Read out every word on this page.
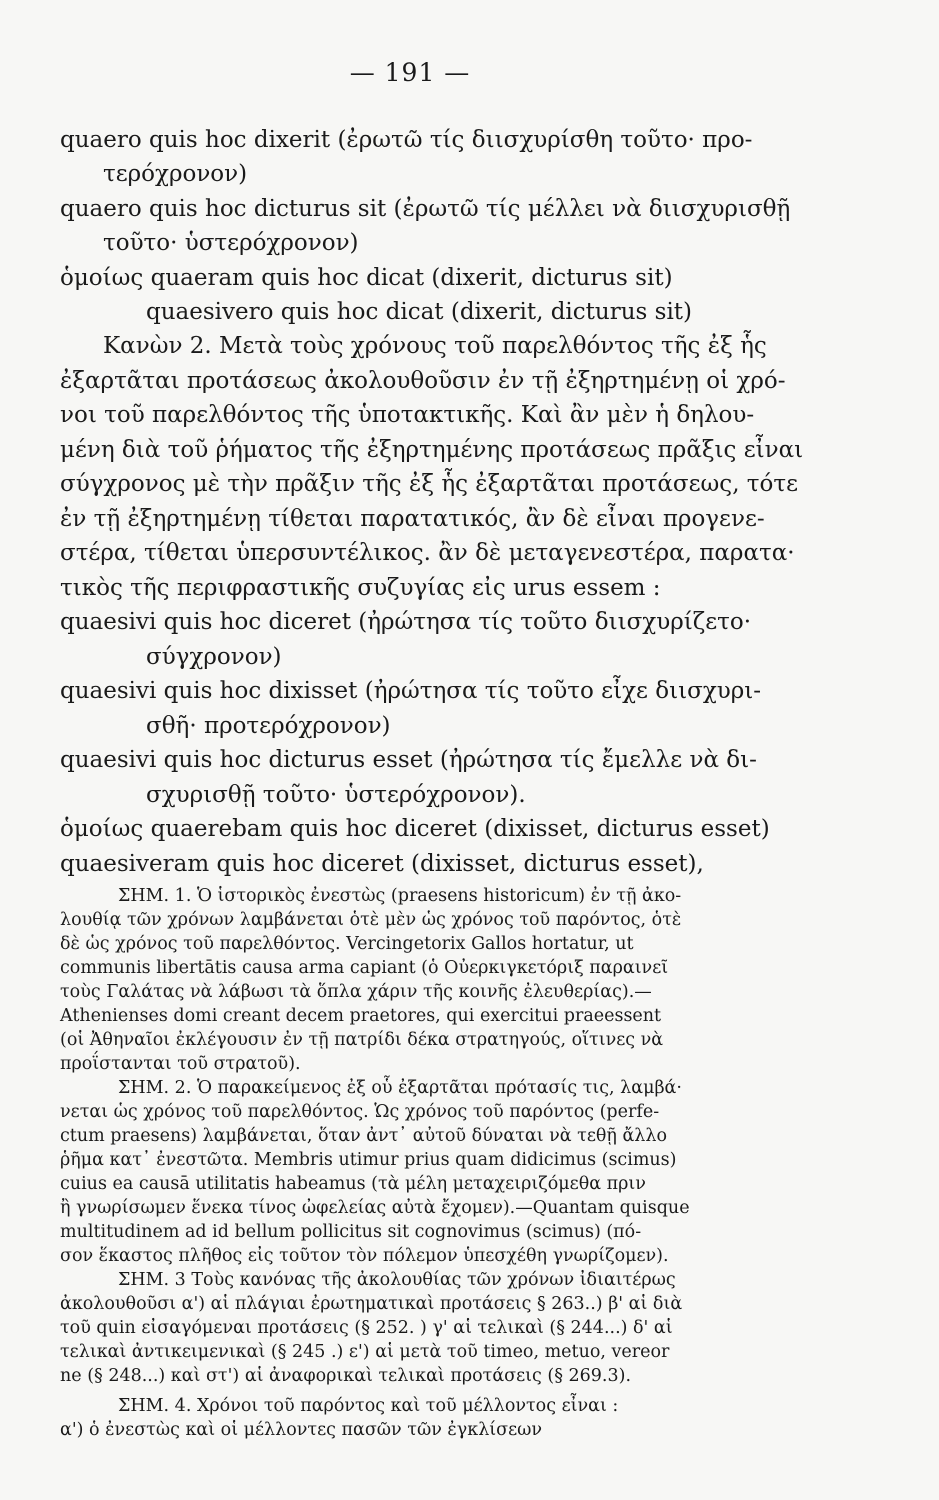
— 191 —
quaero quis hoc dixerit (ἐρωτῶ τίς διισχυρίσθη τοῦτο· προ-
τερόχρονον)
quaero quis hoc dicturus sit (ἐρωτῶ τίς μέλλει νὰ διισχυρισθῇ
τοῦτο· ὑστερόχρονον)
ὁμοίως quaeram quis hoc dicat (dixerit, dicturus sit)
quaesivero quis hoc dicat (dixerit, dicturus sit)
Κανὼν 2. Μετὰ τοὺς χρόνους τοῦ παρελθόντος τῆς ἐξ ἧς
ἐξαρτᾶται προτάσεως ἀκολουθοῦσιν ἐν τῇ ἐξηρτημένῃ οἱ χρό-
νοι τοῦ παρελθόντος τῆς ὑποτακτικῆς. Καὶ ἂν μὲν ἡ δηλου-
μένη διὰ τοῦ ῥήματος τῆς ἐξηρτημένης προτάσεως πρᾶξις εἶναι
σύγχρονος μὲ τὴν πρᾶξιν τῆς ἐξ ἧς ἐξαρτᾶται προτάσεως, τότε
ἐν τῇ ἐξηρτημένῃ τίθεται παρατατικός, ἂν δὲ εἶναι προγενε-
στέρα, τίθεται ὑπερσυντέλικος. ἂν δὲ μεταγενεστέρα, παρατα·
τικὸς τῆς περιφραστικῆς συζυγίας εἰς urus essem :
quaesivi quis hoc diceret (ἠρώτησα τίς τοῦτο διισχυρίζετο·
σύγχρονον)
quaesivi quis hoc dixisset (ἠρώτησα τίς τοῦτο εἶχε διισχυρι-
σθῆ· προτερόχρονον)
quaesivi quis hoc dicturus esset (ἠρώτησα τίς ἔμελλε νὰ δι-
σχυρισθῇ τοῦτο· ὑστερόχρονον).
ὁμοίως quaerebam quis hoc diceret (dixisset, dicturus esset)
quaesiveram quis hoc diceret (dixisset, dicturus esset),
ΣΗΜ. 1. Ὁ ἱστορικὸς ἐνεστὼς (praesens historicum) ἐν τῇ ἀκο-
λουθίᾳ τῶν χρόνων λαμβάνεται ὁτὲ μὲν ὡς χρόνος τοῦ παρόντος, ὁτὲ
δὲ ὡς χρόνος τοῦ παρελθόντος. Vercingetorix Gallos hortatur, ut
communis libertātis causa arma capiant (ὁ Οὐερκιγκετόριξ παραινεῖ
τοὺς Γαλάτας νὰ λάβωσι τὰ ὅπλα χάριν τῆς κοινῆς ἐλευθερίας).—
Athenienses domi creant decem praetores, qui exercitui praeessent
(οἱ Ἀθηναῖοι ἐκλέγουσιν ἐν τῇ πατρίδι δέκα στρατηγούς, οἵτινες νὰ
προΐστανται τοῦ στρατοῦ).
ΣΗΜ. 2. Ὁ παρακείμενος ἐξ οὗ ἐξαρτᾶται πρότασίς τις, λαμβά·
νεται ὡς χρόνος τοῦ παρελθόντος. Ὡς χρόνος τοῦ παρόντος (perfe-
ctum praesens) λαμβάνεται, ὅταν ἀντ᾽ αὐτοῦ δύναται νὰ τεθῇ ἄλλο
ῥῆμα κατ᾽ ἐνεστῶτα. Membris utimur prius quam didicimus (scimus)
cuius ea causā utilitatis habeamus (τὰ μέλη μεταχειριζόμεθα πριν
ἢ γνωρίσωμεν ἕνεκα τίνος ὠφελείας αὐτὰ ἔχομεν).—Quantam quisque
multitudinem ad id bellum pollicitus sit cognovimus (scimus) (πό-
σον ἕκαστος πλῆθος εἰς τοῦτον τὸν πόλεμον ὑπεσχέθη γνωρίζομεν).
ΣΗΜ. 3 Τοὺς κανόνας τῆς ἀκολουθίας τῶν χρόνων ἰδιαιτέρως
ἀκολουθοῦσι α') αἱ πλάγιαι ἐρωτηματικαὶ προτάσεις § 263..) β' αἱ διὰ
τοῦ quin εἰσαγόμεναι προτάσεις (§ 252. ) γ' αἱ τελικαὶ (§ 244...) δ' αἱ
τελικαὶ ἀντικειμενικαὶ (§ 245 .) ε') αἱ μετὰ τοῦ timeo, metuo, vereor
ne (§ 248...) καὶ στ') αἱ ἀναφορικαὶ τελικαὶ προτάσεις (§ 269.3).
ΣΗΜ. 4. Χρόνοι τοῦ παρόντος καὶ τοῦ μέλλοντος εἶναι :
α') ὁ ἐνεστὼς καὶ οἱ μέλλοντες πασῶν τῶν ἐγκλίσεων
